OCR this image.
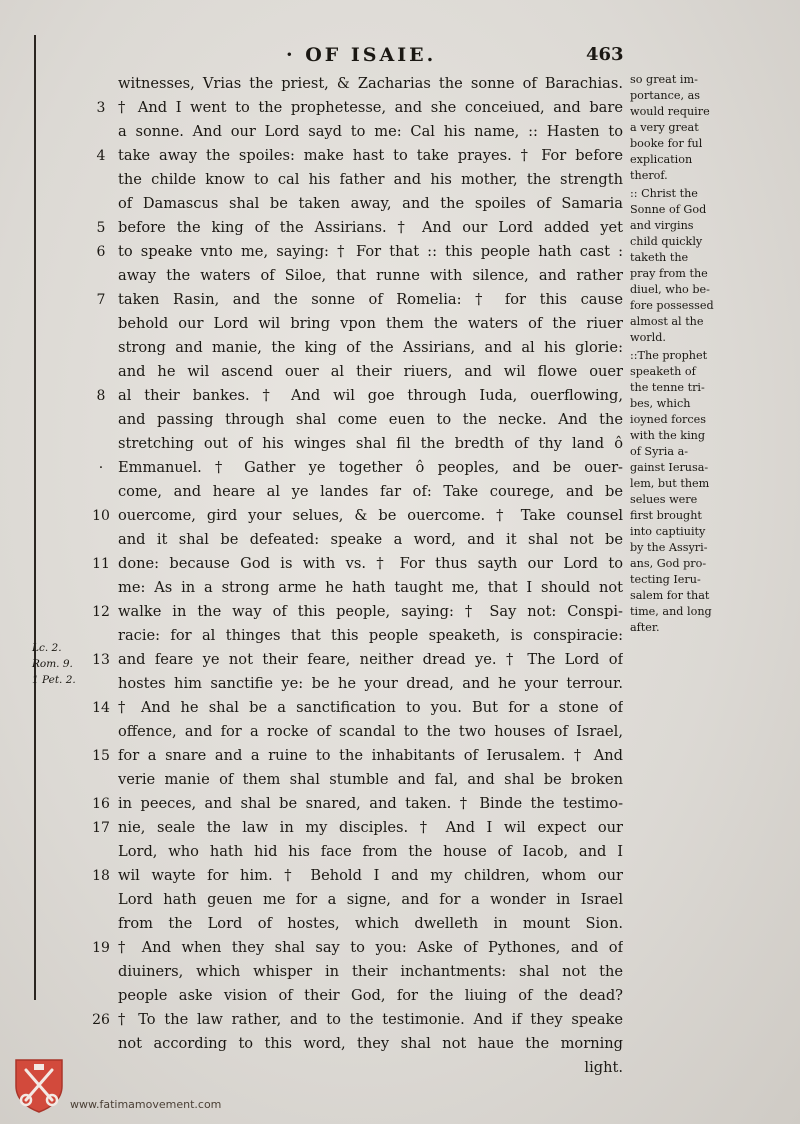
· OF ISAIE.	463
witnesses, Vrias the priest, & Zacharias the sonne of Barachias.
3 † And I went to the prophetesse, and she conceiued, and bare
a sonne. And our Lord sayd to me: Cal his name, :: Hasten to
4 take away the spoiles: make hast to take prayes. † For before
the childe know to cal his father and his mother, the strength
of Damascus shal be taken away, and the spoiles of Samaria
5 before the king of the Assirians. † And our Lord added yet
6 to speake vnto me, saying: † For that :: this people hath cast :
away the waters of Siloe, that runne with silence, and rather
7 taken Rasin, and the sonne of Romelia: † for this cause
behold our Lord wil bring vpon them the waters of the riuer
strong and manie, the king of the Assirians, and al his glorie:
and he wil ascend ouer al their riuers, and wil flowe ouer
8 al their bankes. † And wil goe through Iuda, ouerflowing,
and passing through shal come euen to the necke. And the
stretching out of his winges shal fil the bredth of thy land ô
·	Emmanuel. † Gather ye together ô peoples, and be ouer-
come, and heare al ye landes far of: Take courege, and be
10 ouercome, gird your selues, & be ouercome. † Take counsel
and it shal be defeated: speake a word, and it shal not be
11 done: because God is with vs. † For thus sayth our Lord to
me: As in a strong arme he hath taught me, that I should not
12 walke in the way of this people, saying: † Say not: Conspi-
racie: for al thinges that this people speaketh, is conspiracie:
13 and feare ye not their feare, neither dread ye. † The Lord of
hostes him sanctifie ye: be he your dread, and he your terrour.
14 † And he shal be a sanctification to you. But for a stone of
offence, and for a rocke of scandal to the two houses of Israel,
15 for a snare and a ruine to the inhabitants of Ierusalem. † And
verie manie of them shal stumble and fal, and shal be broken
16 in peeces, and shal be snared, and taken. † Binde the testimo-
17 nie, seale the law in my disciples. † And I wil expect our
Lord, who hath hid his face from the house of Iacob, and I
18 wil wayte for him. † Behold I and my children, whom our
Lord hath geuen me for a signe, and for a wonder in Israel
from the Lord of hostes, which dwelleth in mount Sion.
19 † And when they shal say to you: Aske of Pythones, and of
diuiners, which whisper in their inchantments: shal not the
people aske vision of their God, for the liuing of the dead?
26 † To the law rather, and to the testimonie. And if they speake
not according to this word, they shal not haue the morning
light.
Lc. 2.
Rom. 9.
1 Pet. 2.
so great im-
portance, as
would require
a very great
booke for ful
explication
therof.
:: Christ the
Sonne of God
and virgins
child quickly
taketh the
pray from the
diuel, who be-
fore possessed
almost al the
world.
::The prophet
speaketh of
the tenne tri-
bes, which
ioyned forces
with the king
of Syria a-
gainst Ierusa-
lem, but them
selues were
first brought
into captiuity
by the Assyri-
ans, God pro-
tecting Ieru-
salem for that
time, and long
after.
www.fatimamovement.com
